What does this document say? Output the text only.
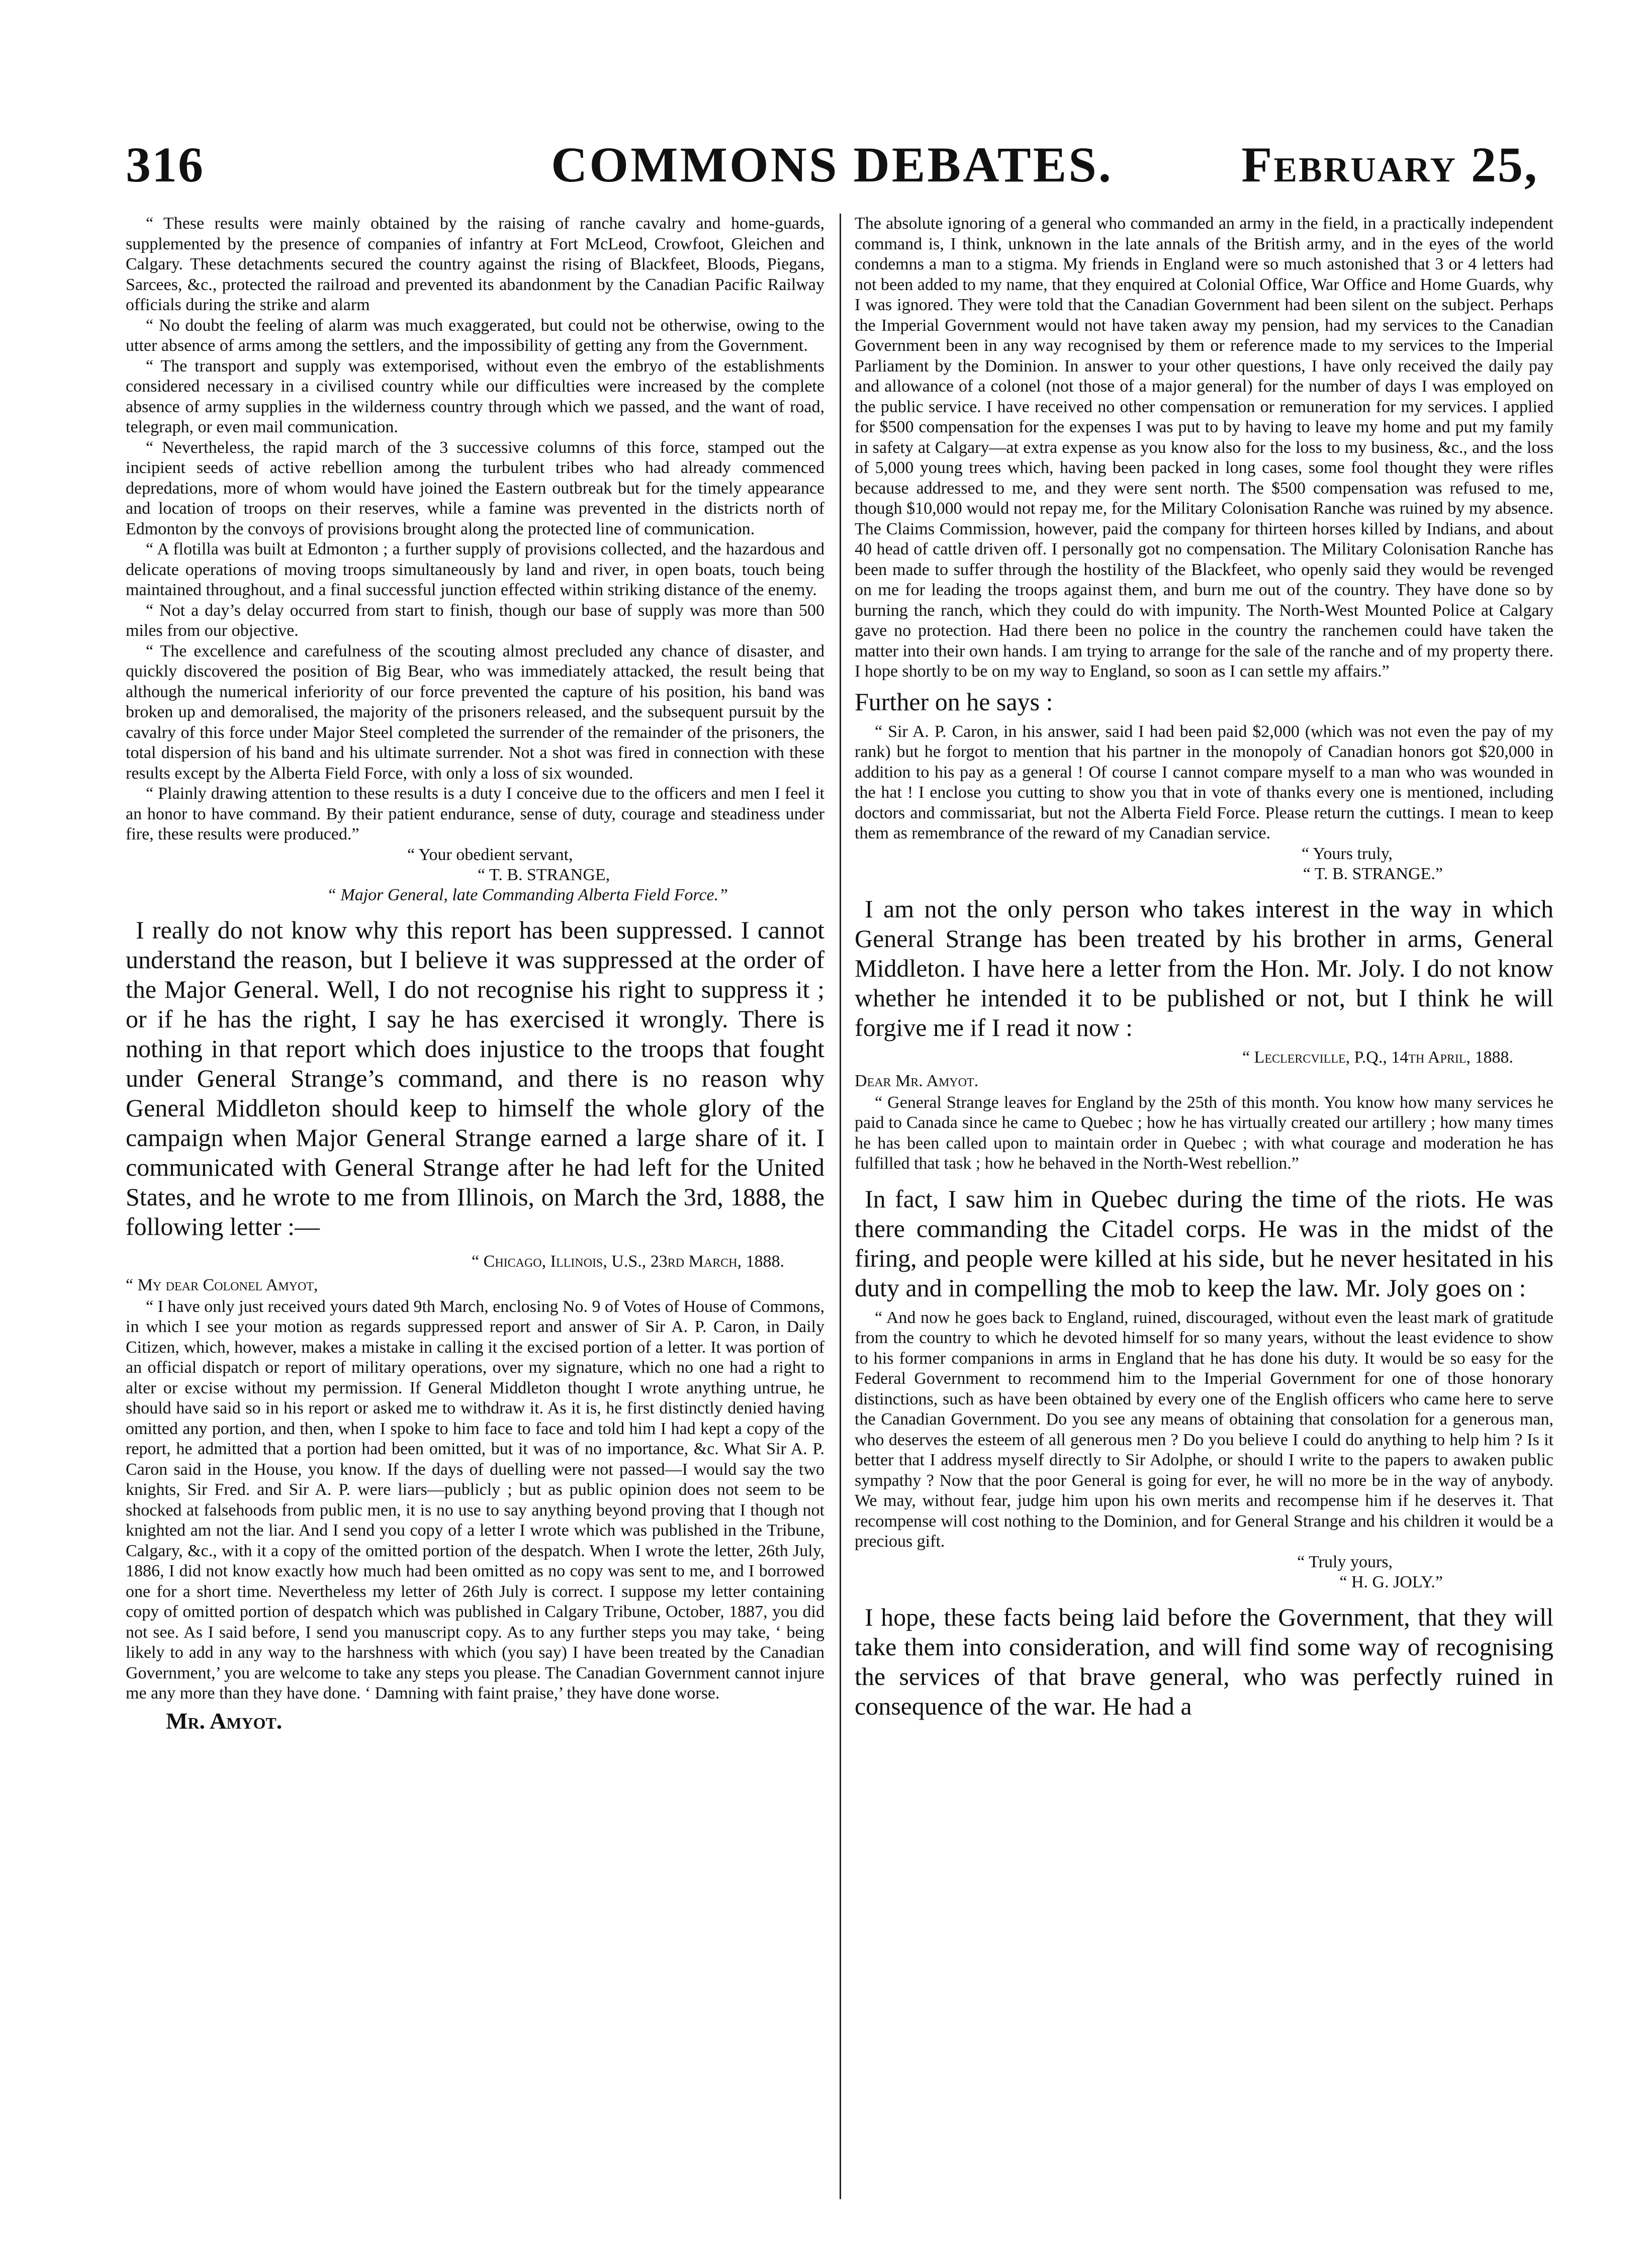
316	COMMONS DEBATES.	February 25,

“ These results were mainly obtained by the raising of ranche cavalry and home-guards, supplemented by the presence of companies of infantry at Fort McLeod, Crowfoot, Gleichen and Calgary. These detachments secured the country against the rising of Blackfeet, Bloods, Piegans, Sarcees, &c., protected the railroad and prevented its abandonment by the Canadian Pacific Railway officials during the strike and alarm

“ No doubt the feeling of alarm was much exaggerated, but could not be otherwise, owing to the utter absence of arms among the settlers, and the impossibility of getting any from the Government.

“ The transport and supply was extemporised, without even the embryo of the establishments considered necessary in a civilised country while our difficulties were increased by the complete absence of army supplies in the wilderness country through which we passed, and the want of road, telegraph, or even mail communication.

“ Nevertheless, the rapid march of the 3 successive columns of this force, stamped out the incipient seeds of active rebellion among the turbulent tribes who had already commenced depredations, more of whom would have joined the Eastern outbreak but for the timely appearance and location of troops on their reserves, while a famine was prevented in the districts north of Edmonton by the convoys of provisions brought along the protected line of communication.

“ A flotilla was built at Edmonton ; a further supply of provisions collected, and the hazardous and delicate operations of moving troops simultaneously by land and river, in open boats, touch being maintained throughout, and a final successful junction effected within striking distance of the enemy.

“ Not a day’s delay occurred from start to finish, though our base of supply was more than 500 miles from our objective.

“ The excellence and carefulness of the scouting almost precluded any chance of disaster, and quickly discovered the position of Big Bear, who was immediately attacked, the result being that although the numerical inferiority of our force prevented the capture of his position, his band was broken up and demoralised, the majority of the prisoners released, and the subsequent pursuit by the cavalry of this force under Major Steel completed the surrender of the remainder of the prisoners, the total dispersion of his band and his ultimate surrender. Not a shot was fired in connection with these results except by the Alberta Field Force, with only a loss of six wounded.

“ Plainly drawing attention to these results is a duty I conceive due to the officers and men I feel it an honor to have command. By their patient endurance, sense of duty, courage and steadiness under fire, these results were produced.”

“ Your obedient servant,

“ T. B. STRANGE,

“ Major General, late Commanding Alberta Field Force.”

I really do not know why this report has been suppressed. I cannot understand the reason, but I believe it was suppressed at the order of the Major General. Well, I do not recognise his right to suppress it ; or if he has the right, I say he has exercised it wrongly. There is nothing in that report which does injustice to the troops that fought under General Strange’s command, and there is no reason why General Middleton should keep to himself the whole glory of the campaign when Major General Strange earned a large share of it. I communicated with General Strange after he had left for the United States, and he wrote to me from Illinois, on March the 3rd, 1888, the following letter :—

“ Chicago, Illinois, U.S., 23rd March, 1888.

“ My dear Colonel Amyot,

“ I have only just received yours dated 9th March, enclosing No. 9 of Votes of House of Commons, in which I see your motion as regards suppressed report and answer of Sir A. P. Caron, in Daily Citizen, which, however, makes a mistake in calling it the excised portion of a letter. It was portion of an official dispatch or report of military operations, over my signature, which no one had a right to alter or excise without my permission. If General Middleton thought I wrote anything untrue, he should have said so in his report or asked me to withdraw it. As it is, he first distinctly denied having omitted any portion, and then, when I spoke to him face to face and told him I had kept a copy of the report, he admitted that a portion had been omitted, but it was of no importance, &c. What Sir A. P. Caron said in the House, you know. If the days of duelling were not passed—I would say the two knights, Sir Fred. and Sir A. P. were liars—publicly ; but as public opinion does not seem to be shocked at falsehoods from public men, it is no use to say anything beyond proving that I though not knighted am not the liar. And I send you copy of a letter I wrote which was published in the Tribune, Calgary, &c., with it a copy of the omitted portion of the despatch. When I wrote the letter, 26th July, 1886, I did not know exactly how much had been omitted as no copy was sent to me, and I borrowed one for a short time. Nevertheless my letter of 26th July is correct. I suppose my letter containing copy of omitted portion of despatch which was published in Calgary Tribune, October, 1887, you did not see. As I said before, I send you manuscript copy. As to any further steps you may take, ‘ being likely to add in any way to the harshness with which (you say) I have been treated by the Canadian Government,’ you are welcome to take any steps you please. The Canadian Government cannot injure me any more than they have done. ‘ Damning with faint praise,’ they have done worse.

Mr. Amyot.

The absolute ignoring of a general who commanded an army in the field, in a practically independent command is, I think, unknown in the late annals of the British army, and in the eyes of the world condemns a man to a stigma. My friends in England were so much astonished that 3 or 4 letters had not been added to my name, that they enquired at Colonial Office, War Office and Home Guards, why I was ignored. They were told that the Canadian Government had been silent on the subject. Perhaps the Imperial Government would not have taken away my pension, had my services to the Canadian Government been in any way recognised by them or reference made to my services to the Imperial Parliament by the Dominion. In answer to your other questions, I have only received the daily pay and allowance of a colonel (not those of a major general) for the number of days I was employed on the public service. I have received no other compensation or remuneration for my services. I applied for $500 compensation for the expenses I was put to by having to leave my home and put my family in safety at Calgary—at extra expense as you know also for the loss to my business, &c., and the loss of 5,000 young trees which, having been packed in long cases, some fool thought they were rifles because addressed to me, and they were sent north. The $500 compensation was refused to me, though $10,000 would not repay me, for the Military Colonisation Ranche was ruined by my absence. The Claims Commission, however, paid the company for thirteen horses killed by Indians, and about 40 head of cattle driven off. I personally got no compensation. The Military Colonisation Ranche has been made to suffer through the hostility of the Blackfeet, who openly said they would be revenged on me for leading the troops against them, and burn me out of the country. They have done so by burning the ranch, which they could do with impunity. The North-West Mounted Police at Calgary gave no protection. Had there been no police in the country the ranchemen could have taken the matter into their own hands. I am trying to arrange for the sale of the ranche and of my property there. I hope shortly to be on my way to England, so soon as I can settle my affairs.”

Further on he says :

“ Sir A. P. Caron, in his answer, said I had been paid $2,000 (which was not even the pay of my rank) but he forgot to mention that his partner in the monopoly of Canadian honors got $20,000 in addition to his pay as a general ! Of course I cannot compare myself to a man who was wounded in the hat ! I enclose you cutting to show you that in vote of thanks every one is mentioned, including doctors and commissariat, but not the Alberta Field Force. Please return the cuttings. I mean to keep them as remembrance of the reward of my Canadian service.

“ Yours truly,

“ T. B. STRANGE.”

I am not the only person who takes interest in the way in which General Strange has been treated by his brother in arms, General Middleton. I have here a letter from the Hon. Mr. Joly. I do not know whether he intended it to be published or not, but I think he will forgive me if I read it now :

“ Leclercville, P.Q., 14th April, 1888.

Dear Mr. Amyot.

“ General Strange leaves for England by the 25th of this month. You know how many services he paid to Canada since he came to Quebec ; how he has virtually created our artillery ; how many times he has been called upon to maintain order in Quebec ; with what courage and moderation he has fulfilled that task ; how he behaved in the North-West rebellion.”

In fact, I saw him in Quebec during the time of the riots. He was there commanding the Citadel corps. He was in the midst of the firing, and people were killed at his side, but he never hesitated in his duty and in compelling the mob to keep the law. Mr. Joly goes on :

“ And now he goes back to England, ruined, discouraged, without even the least mark of gratitude from the country to which he devoted himself for so many years, without the least evidence to show to his former companions in arms in England that he has done his duty. It would be so easy for the Federal Government to recommend him to the Imperial Government for one of those honorary distinctions, such as have been obtained by every one of the English officers who came here to serve the Canadian Government. Do you see any means of obtaining that consolation for a generous man, who deserves the esteem of all generous men ? Do you believe I could do anything to help him ? Is it better that I address myself directly to Sir Adolphe, or should I write to the papers to awaken public sympathy ? Now that the poor General is going for ever, he will no more be in the way of anybody. We may, without fear, judge him upon his own merits and recompense him if he deserves it. That recompense will cost nothing to the Dominion, and for General Strange and his children it would be a precious gift.

“ Truly yours,

“ H. G. JOLY.”

I hope, these facts being laid before the Government, that they will take them into consideration, and will find some way of recognising the services of that brave general, who was perfectly ruined in consequence of the war. He had a
